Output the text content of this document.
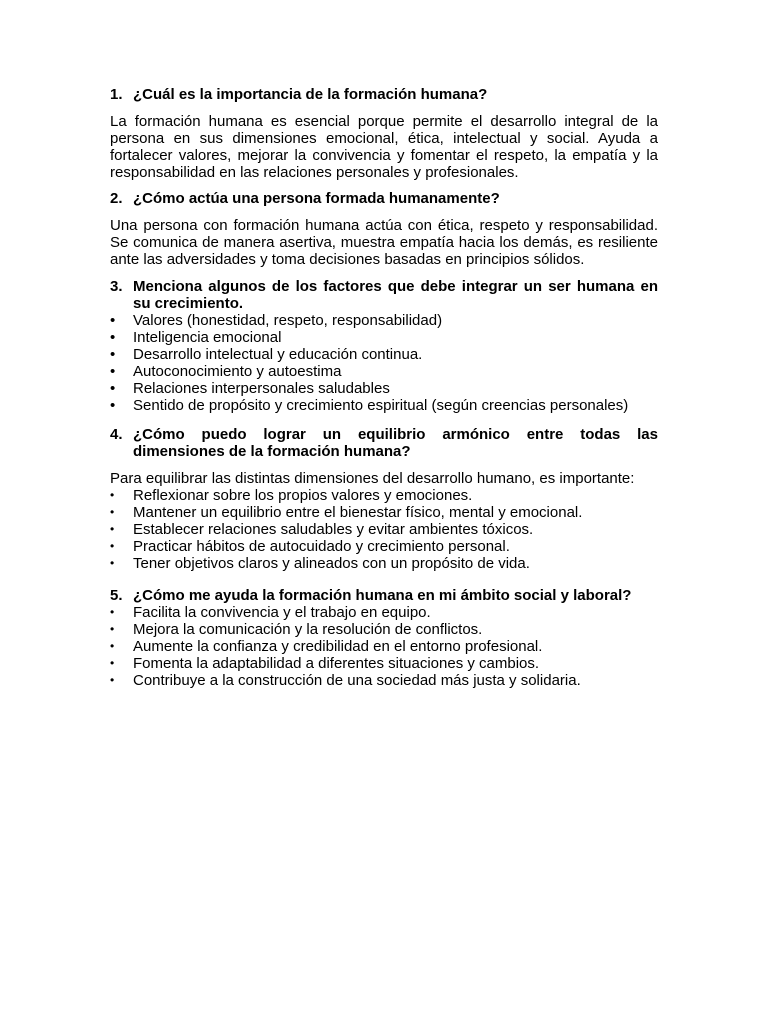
1. ¿Cuál es la importancia de la formación humana?

La formación humana es esencial porque permite el desarrollo integral de la persona en sus dimensiones emocional, ética, intelectual y social. Ayuda a fortalecer valores, mejorar la convivencia y fomentar el respeto, la empatía y la responsabilidad en las relaciones personales y profesionales.

2. ¿Cómo actúa una persona formada humanamente?

Una persona con formación humana actúa con ética, respeto y responsabilidad. Se comunica de manera asertiva, muestra empatía hacia los demás, es resiliente ante las adversidades y toma decisiones basadas en principios sólidos.

3. Menciona algunos de los factores que debe integrar un ser humana en su crecimiento.
•	Valores (honestidad, respeto, responsabilidad)
•	Inteligencia emocional
•	Desarrollo intelectual y educación continua.
•	Autoconocimiento y autoestima
•	Relaciones interpersonales saludables
•	Sentido de propósito y crecimiento espiritual (según creencias personales)
4. ¿Cómo puedo lograr un equilibrio armónico entre todas las
dimensiones de la formación humana?

Para equilibrar las distintas dimensiones del desarrollo humano, es importante:

•	Reflexionar sobre los propios valores y emociones.
•	Mantener un equilibrio entre el bienestar físico, mental y emocional.
•	Establecer relaciones saludables y evitar ambientes tóxicos.
•	Practicar hábitos de autocuidado y crecimiento personal.
•	Tener objetivos claros y alineados con un propósito de vida.
5. ¿Cómo me ayuda la formación humana en mi ámbito social y laboral?
•	Facilita la convivencia y el trabajo en equipo.
•	Mejora la comunicación y la resolución de conflictos.
•	Aumente la confianza y credibilidad en el entorno profesional.
•	Fomenta la adaptabilidad a diferentes situaciones y cambios.
•	Contribuye a la construcción de una sociedad más justa y solidaria.
